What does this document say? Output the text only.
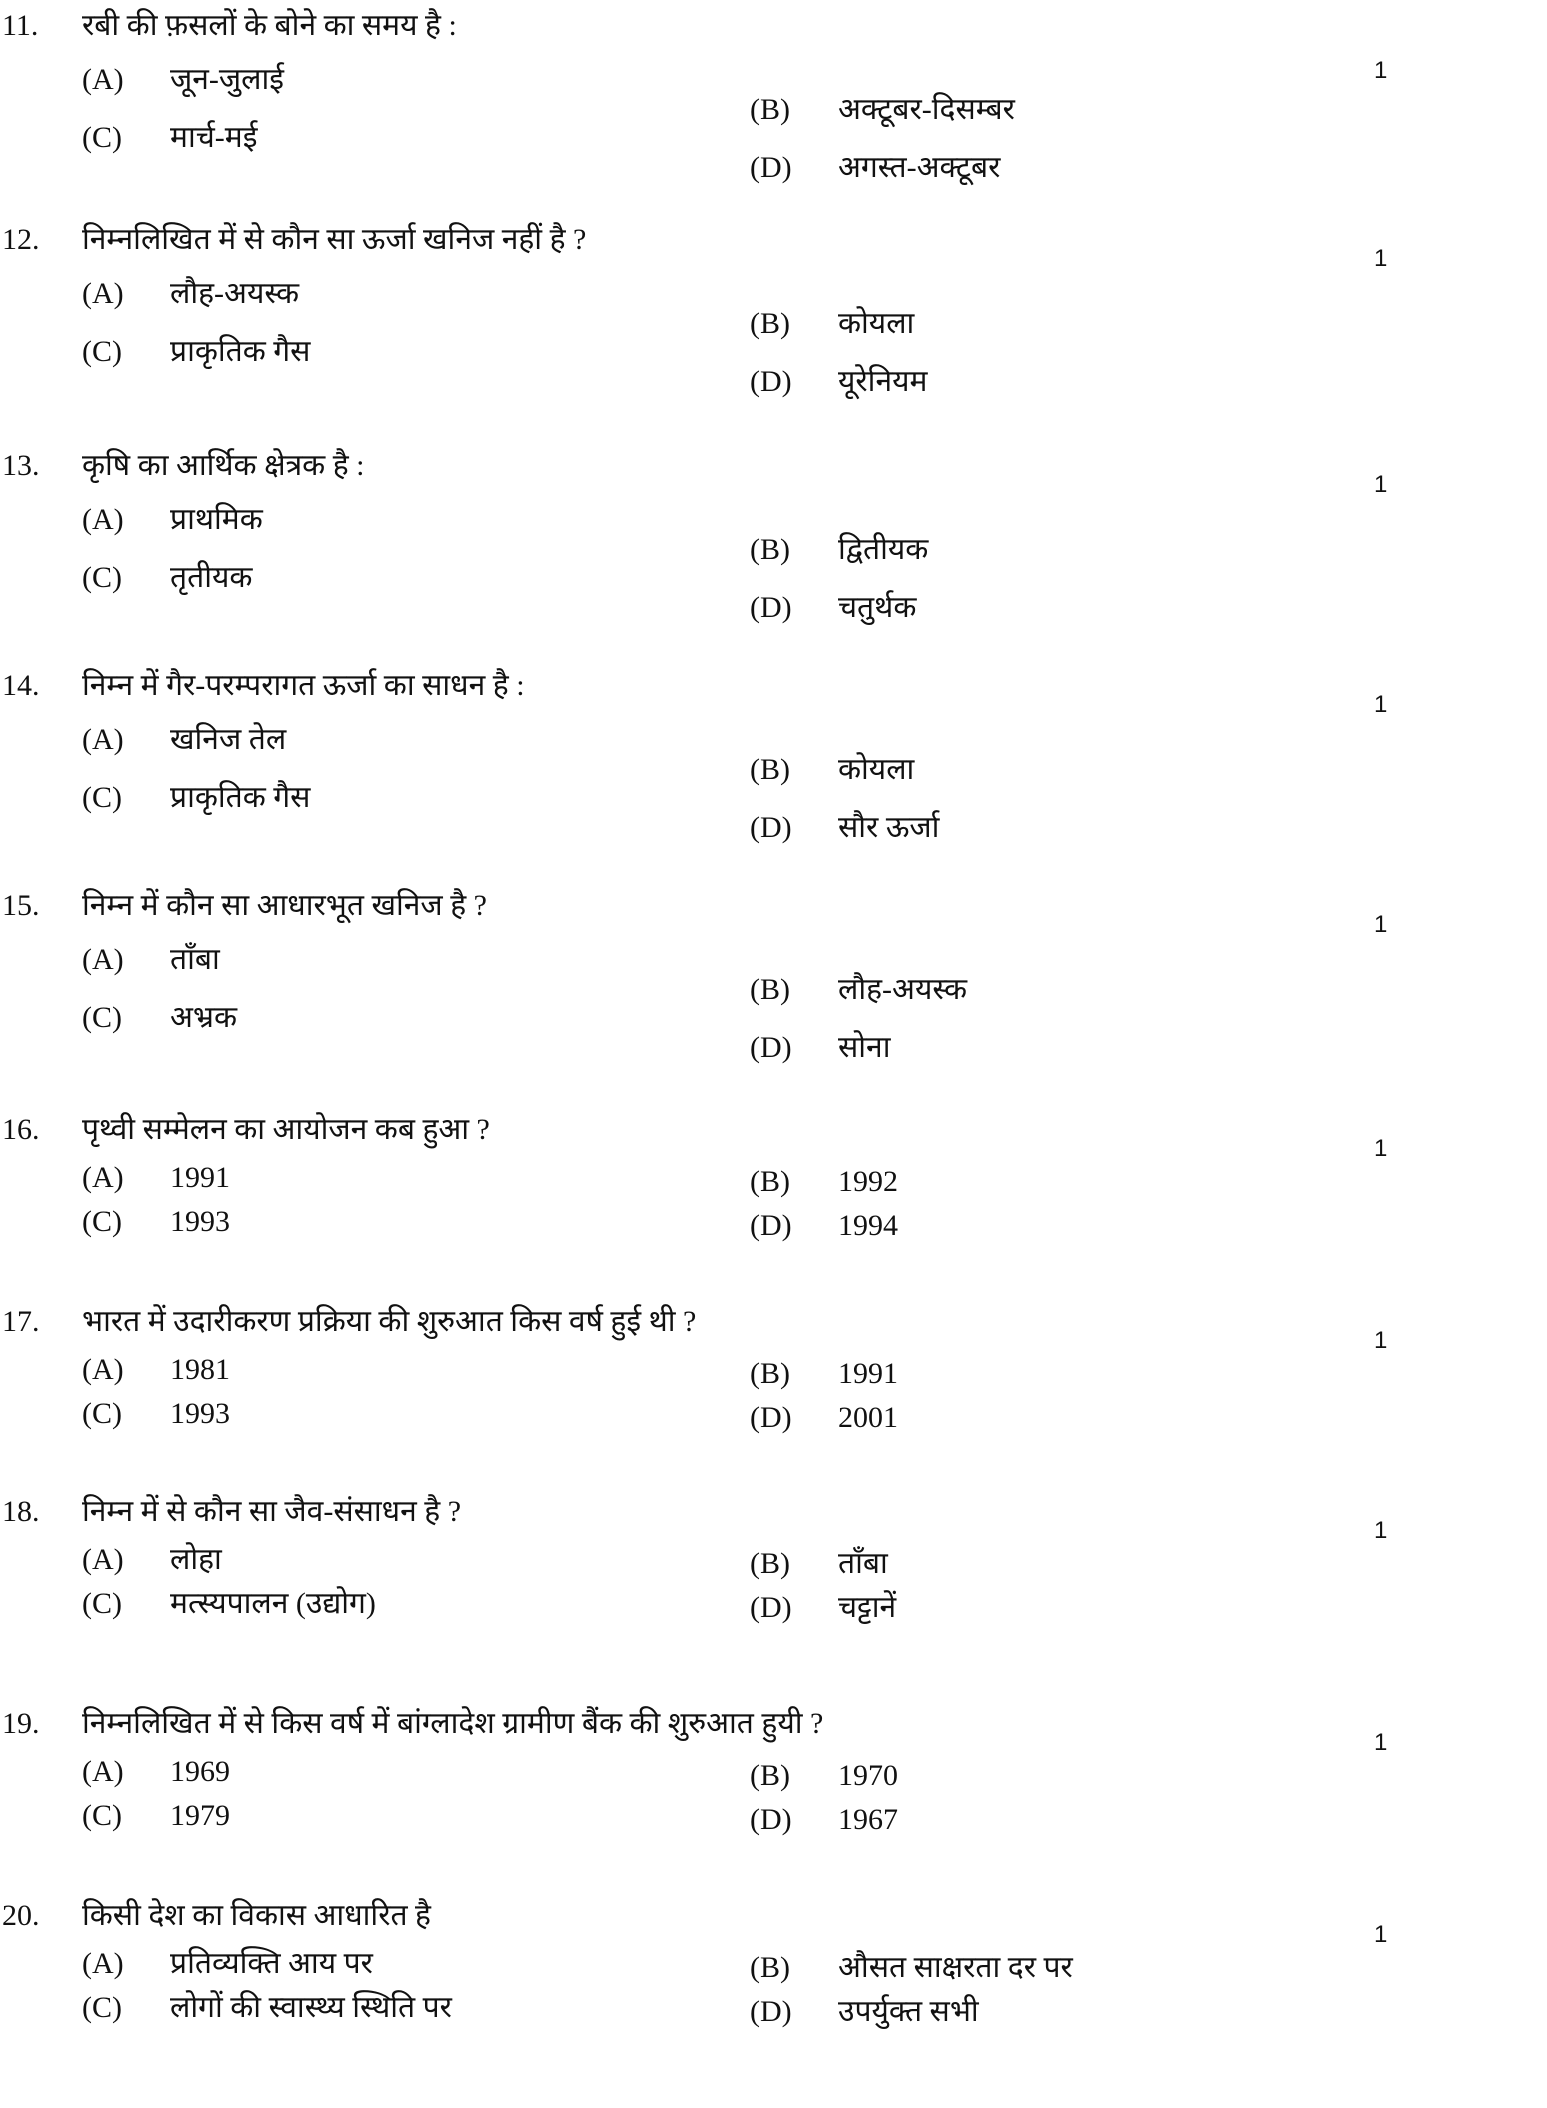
11. रबी की फ़सलों के बोने का समय है :
1
(A) जून-जुलाई
(B) अक्टूबर-दिसम्बर
(C) मार्च-मई
(D) अगस्त-अक्टूबर
12. निम्नलिखित में से कौन सा ऊर्जा खनिज नहीं है ?
1
(A) लौह-अयस्क
(B) कोयला
(C) प्राकृतिक गैस
(D) यूरेनियम
13. कृषि का आर्थिक क्षेत्रक है :
1
(A) प्राथमिक
(B) द्वितीयक
(C) तृतीयक
(D) चतुर्थक
14. निम्न में गैर-परम्परागत ऊर्जा का साधन है :
1
(A) खनिज तेल
(B) कोयला
(C) प्राकृतिक गैस
(D) सौर ऊर्जा
15. निम्न में कौन सा आधारभूत खनिज है ?
1
(A) ताँबा
(B) लौह-अयस्क
(C) अभ्रक
(D) सोना
16. पृथ्वी सम्मेलन का आयोजन कब हुआ ?
1
(A) 1991	(B) 1992
(C) 1993	(D) 1994
17. भारत में उदारीकरण प्रक्रिया की शुरुआत किस वर्ष हुई थी ?
1
(A) 1981	(B) 1991
(C) 1993	(D) 2001
18. निम्न में से कौन सा जैव-संसाधन है ?
1
(A) लोहा	(B) ताँबा
(C) मत्स्यपालन (उद्योग)	(D) चट्टानें
19. निम्नलिखित में से किस वर्ष में बांग्लादेश ग्रामीण बैंक की शुरुआत हुयी ?
1
(A) 1969	(B) 1970
(C) 1979	(D) 1967
20. किसी देश का विकास आधारित है
1
(A) प्रतिव्यक्ति आय पर	(B) औसत साक्षरता दर पर
(C) लोगों की स्वास्थ्य स्थिति पर	(D) उपर्युक्त सभी
